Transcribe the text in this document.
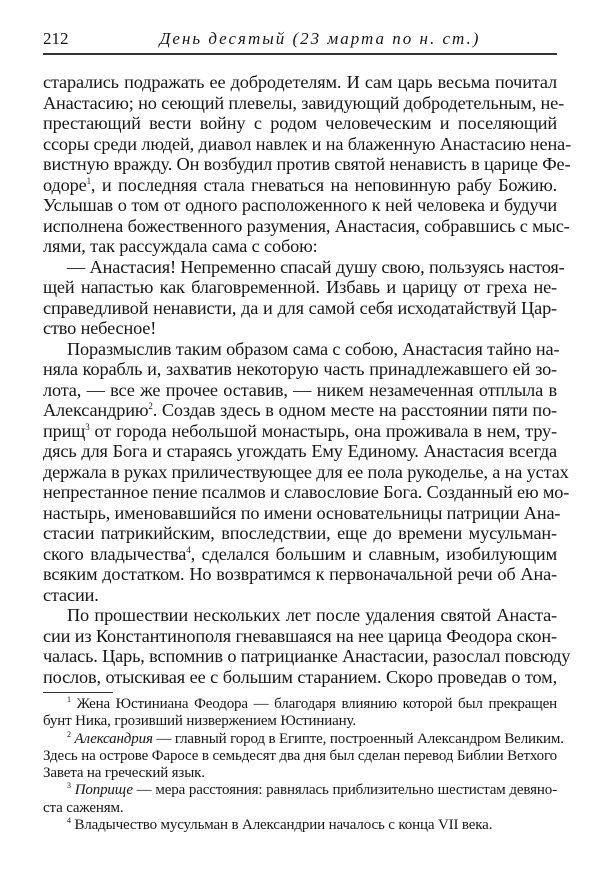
212	День десятый (23 марта по н. ст.)
старались подражать ее добродетелям. И сам царь весьма почитал
Анастасию; но сеющий плевелы, завидующий добродетельным, не-
престающий вести войну с родом человеческим и поселяющий
ссоры среди людей, диавол навлек и на блаженную Анастасию нена-
вистную вражду. Он возбудил против святой ненависть в царице Фе-
одоре$^1$, и последняя стала гневаться на неповинную рабу Божию.
Услышав о том от одного расположенного к ней человека и будучи
исполнена божественного разумения, Анастасия, собравшись с мыс-
лями, так рассуждала сама с собою:
— Анастасия! Непременно спасай душу свою, пользуясь настоя-
щей напастью как благовременной. Избавь и царицу от греха не-
справедливой ненависти, да и для самой себя исходатайствуй Цар-
ство небесное!
Поразмыслив таким образом сама с собою, Анастасия тайно на-
няла корабль и, захватив некоторую часть принадлежавшего ей зо-
лота, — все же прочее оставив, — никем незамеченная отплыла в
Александрию$^2$. Создав здесь в одном месте на расстоянии пяти по-
прищ$^3$ от города небольшой монастырь, она проживала в нем, тру-
дясь для Бога и стараясь угождать Ему Единому. Анастасия всегда
держала в руках приличествующее для ее пола рукоделье, а на устах
непрестанное пение псалмов и славословие Бога. Созданный ею мо-
настырь, именовавшийся по имени основательницы патриции Ана-
стасии патрикийским, впоследствии, еще до времени мусульман-
ского владычества$^4$, сделался большим и славным, изобилующим
всяким достатком. Но возвратимся к первоначальной речи об Ана-
стасии.
По прошествии нескольких лет после удаления святой Анаста-
сии из Константинополя гневавшаяся на нее царица Феодора скон-
чалась. Царь, вспомнив о патрицианке Анастасии, разослал повсюду
послов, отыскивая ее с большим старанием. Скоро проведав о том,
$^1$ Жена Юстиниана Феодора — благодаря влиянию которой был прекращен
бунт Ника, грозивший низвержением Юстиниану.
$^2$ Александрия — главный город в Египте, построенный Александром Великим.
Здесь на острове Фаросе в семьдесят два дня был сделан перевод Библии Ветхого
Завета на греческий язык.
$^3$ Поприще — мера расстояния: равнялась приблизительно шестистам девяно-
ста саженям.
$^4$ Владычество мусульман в Александрии началось с конца VII века.
